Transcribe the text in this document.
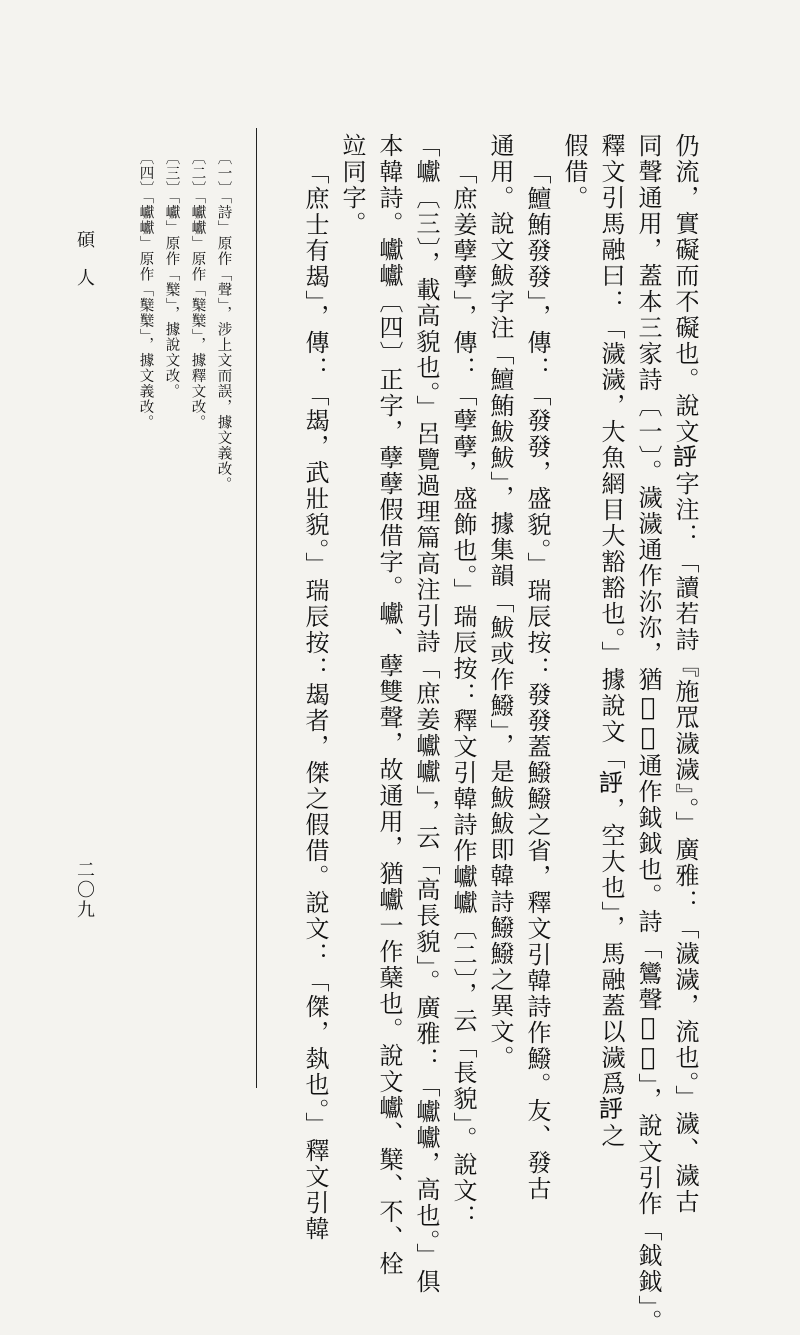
仍流，實礙而不礙也。說文𧦝字注：「讀若詩『施罛濊濊』。」廣雅：「濊濊，流也。」濊、濊古
同聲通用，蓋本三家詩〔一〕。濊濊通作沵沵，猶𩄇𩄇通作鉞鉞也。詩「鸞聲𩄇𩄇」，說文引作「鉞鉞」。
釋文引馬融曰：「濊濊，大魚網目大豁豁也。」據說文「𧦝，空大也」，馬融蓋以濊爲𧦝之
假借。
「鱣鮪發發」，傳：「發發，盛貌。」瑞辰按：發發蓋鱍鱍之省，釋文引韓詩作鱍。友、發古
通用。說文鮁字注「鱣鮪鮁鮁」，據集韻「鮁或作鱍」，是鮁鮁即韓詩鱍鱍之異文。
「庶姜孽孽」，傳：「孽孽，盛飾也。」瑞辰按：釋文引韓詩作巘巘〔二〕，云「長貌」。說文：
「巘〔三〕，載高貌也。」呂覽過理篇高注引詩「庶姜巘巘」，云「高長貌」。廣雅：「巘巘，高也。」俱
本韓詩。巘巘〔四〕正字，孽孽假借字。巘、孽雙聲，故通用，猶巘一作蘖也。說文巘、櫱、不、栓
竝同字。
「庶士有朅」，傳：「朅，武壯貌。」瑞辰按：朅者，傑之假借。說文：「傑，埶也。」釋文引韓
〔一〕「詩」原作「聲」，涉上文而誤，據文義改。
〔二〕「巘巘」原作「櫱櫱」，據釋文改。
〔三〕「巘」原作「櫱」，據說文改。
〔四〕「巘巘」原作「櫱櫱」，據文義改。
碩人
二〇九
